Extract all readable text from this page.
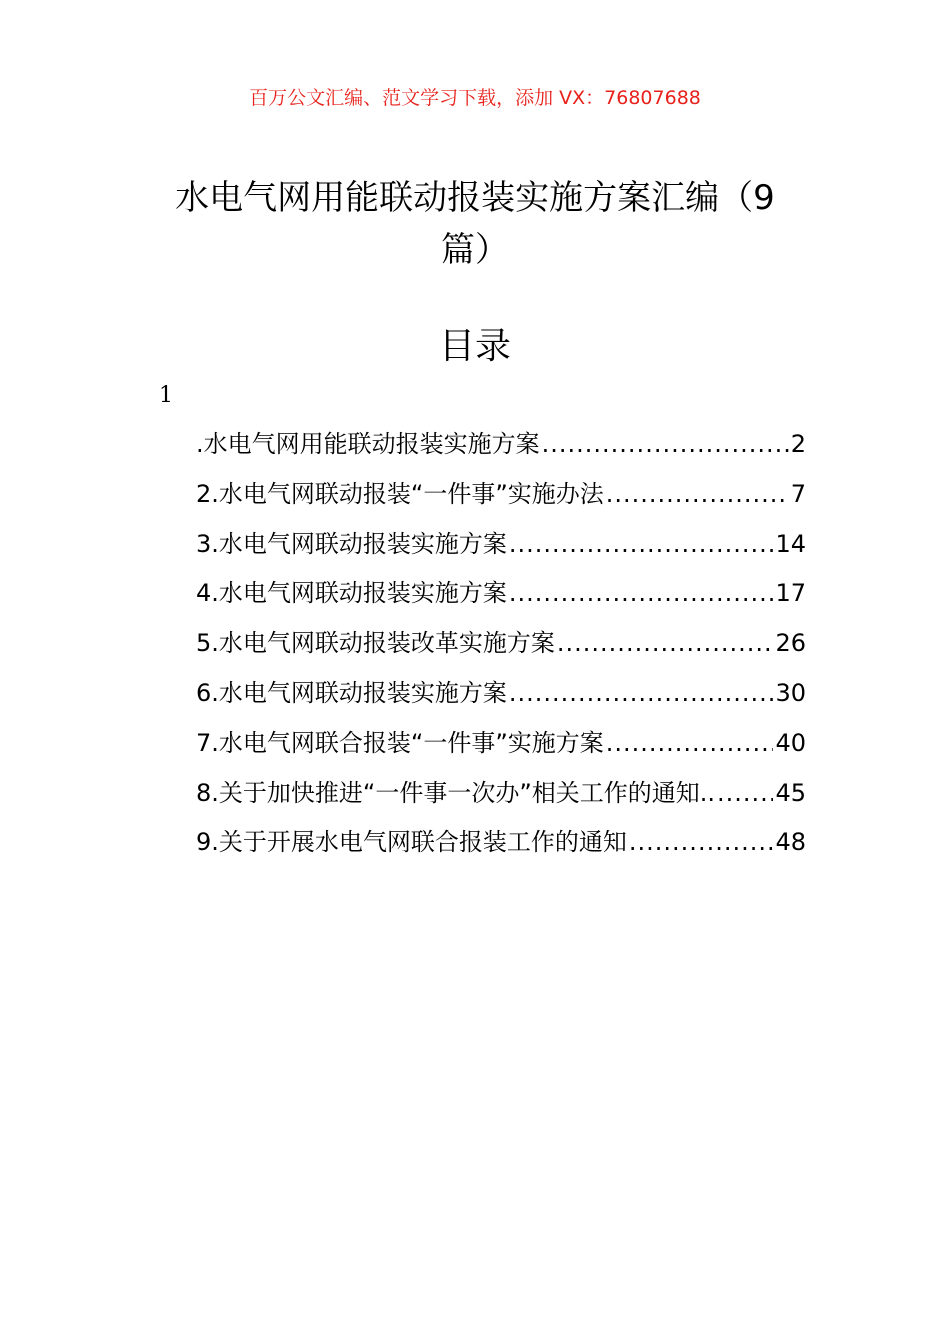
百万公文汇编、范文学习下载，添加 VX：76807688
水电气网用能联动报装实施方案汇编（9篇）
目录
1
.水电气网用能联动报装实施方案 .....	2
2.水电气网联动报装“一件事”实施办法 .....	7
3.水电气网联动报装实施方案 .....	14
4.水电气网联动报装实施方案 .....	17
5.水电气网联动报装改革实施方案 .....	26
6.水电气网联动报装实施方案 .....	30
7.水电气网联合报装“一件事”实施方案 .....	40
8.关于加快推进“一件事一次办”相关工作的通知.. .....	45
9.关于开展水电气网联合报装工作的通知 .....	48
